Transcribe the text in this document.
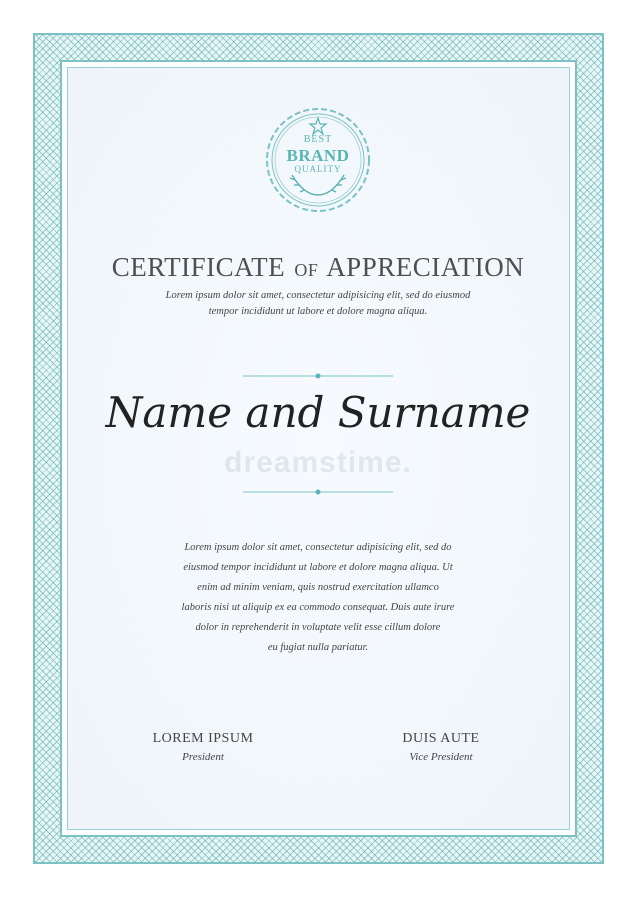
BEST
BRAND
QUALITY
CERTIFICATE OF APPRECIATION
Lorem ipsum dolor sit amet, consectetur adipisicing elit, sed do eiusmod
tempor incididunt ut labore et dolore magna aliqua.
Name and Surname
dreamstime.
Lorem ipsum dolor sit amet, consectetur adipisicing elit, sed do
eiusmod tempor incididunt ut labore et dolore magna aliqua. Ut
enim ad minim veniam, quis nostrud exercitation ullamco
laboris nisi ut aliquip ex ea commodo consequat. Duis aute irure
dolor in reprehenderit in voluptate velit esse cillum dolore
eu fugiat nulla pariatur.
LOREM IPSUM
President
DUIS AUTE
Vice President
